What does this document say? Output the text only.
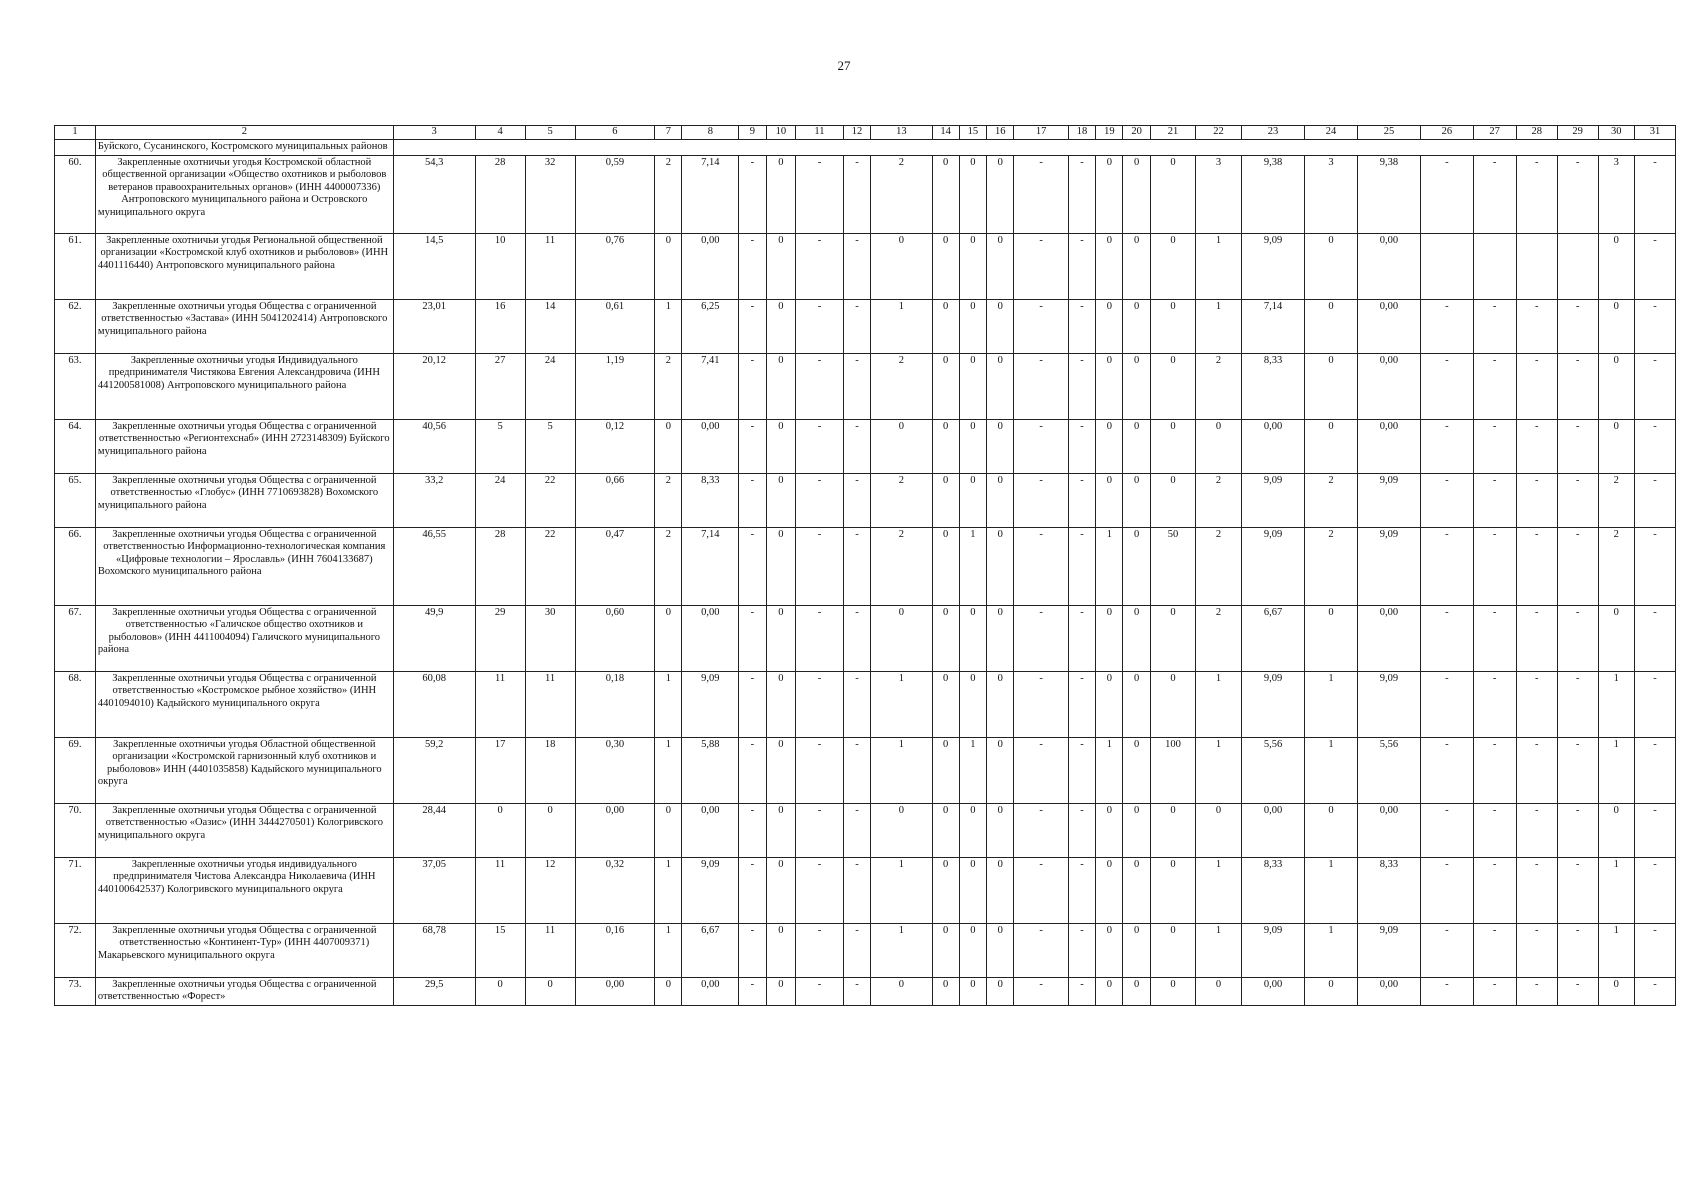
27
1	2	3	4	5	6	7	8	9	10	11	12	13	14	15	16	17	18	19	20	21	22	23	24	25	26	27	28	29	30	31
	Буйского, Сусанинского, Костромского муниципальных районов																													
60.	Закрепленные охотничьи угодья Костромской областной общественной организации «Общество охотников и рыболовов ветеранов правоохранительных органов» (ИНН 4400007336) Антроповского муниципального района и Островского муниципального округа	54,3	28	32	0,59	2	7,14	-	0	-	-	2	0	0	0	-	-	0	0	0	3	9,38	3	9,38	-	-	-	-	3	-
61.	Закрепленные охотничьи угодья Региональной общественной организации «Костромской клуб охотников и рыболовов» (ИНН 4401116440) Антроповского муниципального района	14,5	10	11	0,76	0	0,00	-	0	-	-	0	0	0	0	-	-	0	0	0	1	9,09	0	0,00					0	-
62.	Закрепленные охотничьи угодья Общества с ограниченной ответственностью «Застава» (ИНН 5041202414) Антроповского муниципального района	23,01	16	14	0,61	1	6,25	-	0	-	-	1	0	0	0	-	-	0	0	0	1	7,14	0	0,00	-	-	-	-	0	-
63.	Закрепленные охотничьи угодья Индивидуального предпринимателя Чистякова Евгения Александровича (ИНН 441200581008) Антроповского муниципального района	20,12	27	24	1,19	2	7,41	-	0	-	-	2	0	0	0	-	-	0	0	0	2	8,33	0	0,00	-	-	-	-	0	-
64.	Закрепленные охотничьи угодья Общества с ограниченной ответственностью «Регионтехснаб» (ИНН 2723148309) Буйского муниципального района	40,56	5	5	0,12	0	0,00	-	0	-	-	0	0	0	0	-	-	0	0	0	0	0,00	0	0,00	-	-	-	-	0	-
65.	Закрепленные охотничьи угодья Общества с ограниченной ответственностью «Глобус» (ИНН 7710693828) Вохомского муниципального района	33,2	24	22	0,66	2	8,33	-	0	-	-	2	0	0	0	-	-	0	0	0	2	9,09	2	9,09	-	-	-	-	2	-
66.	Закрепленные охотничьи угодья Общества с ограниченной ответственностью Информационно-технологическая компания «Цифровые технологии – Ярославль» (ИНН 7604133687) Вохомского муниципального района	46,55	28	22	0,47	2	7,14	-	0	-	-	2	0	1	0	-	-	1	0	50	2	9,09	2	9,09	-	-	-	-	2	-
67.	Закрепленные охотничьи угодья Общества с ограниченной ответственностью «Галичское общество охотников и рыболовов» (ИНН 4411004094) Галичского муниципального района	49,9	29	30	0,60	0	0,00	-	0	-	-	0	0	0	0	-	-	0	0	0	2	6,67	0	0,00	-	-	-	-	0	-
68.	Закрепленные охотничьи угодья Общества с ограниченной ответственностью «Костромское рыбное хозяйство» (ИНН 4401094010) Кадыйского муниципального округа	60,08	11	11	0,18	1	9,09	-	0	-	-	1	0	0	0	-	-	0	0	0	1	9,09	1	9,09	-	-	-	-	1	-
69.	Закрепленные охотничьи угодья Областной общественной организации «Костромской гарнизонный клуб охотников и рыболовов» ИНН (4401035858) Кадыйского муниципального округа	59,2	17	18	0,30	1	5,88	-	0	-	-	1	0	1	0	-	-	1	0	100	1	5,56	1	5,56	-	-	-	-	1	-
70.	Закрепленные охотничьи угодья Общества с ограниченной ответственностью «Оазис» (ИНН 3444270501) Кологривского муниципального округа	28,44	0	0	0,00	0	0,00	-	0	-	-	0	0	0	0	-	-	0	0	0	0	0,00	0	0,00	-	-	-	-	0	-
71.	Закрепленные охотничьи угодья индивидуального предпринимателя Чистова Александра Николаевича (ИНН 440100642537) Кологривского муниципального округа	37,05	11	12	0,32	1	9,09	-	0	-	-	1	0	0	0	-	-	0	0	0	1	8,33	1	8,33	-	-	-	-	1	-
72.	Закрепленные охотничьи угодья Общества с ограниченной ответственностью «Континент-Тур» (ИНН 4407009371) Макарьевского муниципального округа	68,78	15	11	0,16	1	6,67	-	0	-	-	1	0	0	0	-	-	0	0	0	1	9,09	1	9,09	-	-	-	-	1	-
73.	Закрепленные охотничьи угодья Общества с ограниченной ответственностью «Форест»	29,5	0	0	0,00	0	0,00	-	0	-	-	0	0	0	0	-	-	0	0	0	0	0,00	0	0,00	-	-	-	-	0	-
